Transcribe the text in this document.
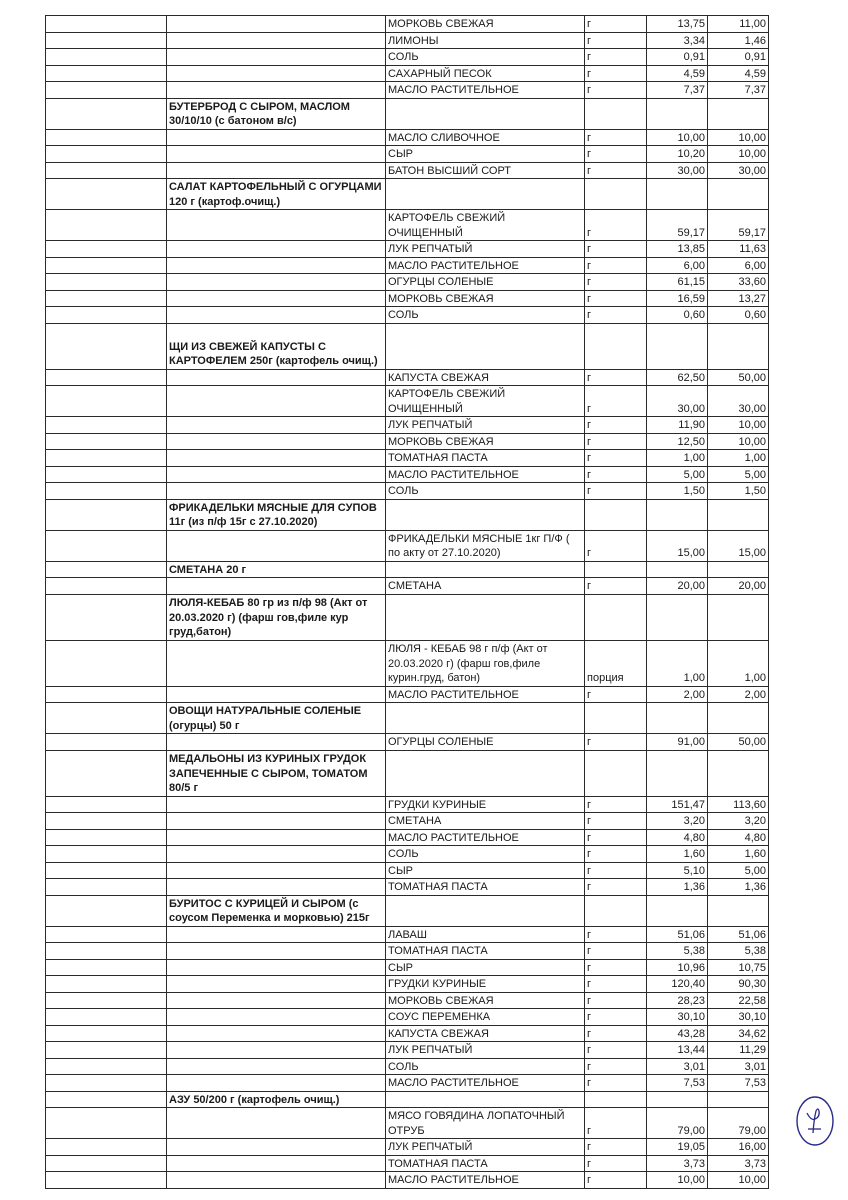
		МОРКОВЬ СВЕЖАЯ	г	13,75	11,00
		ЛИМОНЫ	г	3,34	1,46
		СОЛЬ	г	0,91	0,91
		САХАРНЫЙ ПЕСОК	г	4,59	4,59
		МАСЛО РАСТИТЕЛЬНОЕ	г	7,37	7,37
	БУТЕРБРОД С СЫРОМ, МАСЛОМ 30/10/10 (с батоном в/с)				
		МАСЛО СЛИВОЧНОЕ	г	10,00	10,00
		СЫР	г	10,20	10,00
		БАТОН ВЫСШИЙ СОРТ	г	30,00	30,00
	САЛАТ КАРТОФЕЛЬНЫЙ С ОГУРЦАМИ 120 г (картоф.очищ.)				
		КАРТОФЕЛЬ СВЕЖИЙ ОЧИЩЕННЫЙ	г	59,17	59,17
		ЛУК РЕПЧАТЫЙ	г	13,85	11,63
		МАСЛО РАСТИТЕЛЬНОЕ	г	6,00	6,00
		ОГУРЦЫ СОЛЕНЫЕ	г	61,15	33,60
		МОРКОВЬ СВЕЖАЯ	г	16,59	13,27
		СОЛЬ	г	0,60	0,60
	ЩИ ИЗ СВЕЖЕЙ КАПУСТЫ С КАРТОФЕЛЕМ 250г (картофель очищ.)				
		КАПУСТА СВЕЖАЯ	г	62,50	50,00
		КАРТОФЕЛЬ СВЕЖИЙ ОЧИЩЕННЫЙ	г	30,00	30,00
		ЛУК РЕПЧАТЫЙ	г	11,90	10,00
		МОРКОВЬ СВЕЖАЯ	г	12,50	10,00
		ТОМАТНАЯ ПАСТА	г	1,00	1,00
		МАСЛО РАСТИТЕЛЬНОЕ	г	5,00	5,00
		СОЛЬ	г	1,50	1,50
	ФРИКАДЕЛЬКИ МЯСНЫЕ ДЛЯ СУПОВ 11г (из п/ф 15г с 27.10.2020)				
		ФРИКАДЕЛЬКИ МЯСНЫЕ 1кг П/Ф ( по акту от 27.10.2020)	г	15,00	15,00
	СМЕТАНА 20 г				
		СМЕТАНА	г	20,00	20,00
	ЛЮЛЯ-КЕБАБ 80 гр из п/ф 98 (Акт от 20.03.2020 г) (фарш гов,филе кур груд,батон)				
		ЛЮЛЯ - КЕБАБ 98 г п/ф (Акт от 20.03.2020 г) (фарш гов,филе курин.груд, батон)	порция	1,00	1,00
		МАСЛО РАСТИТЕЛЬНОЕ	г	2,00	2,00
	ОВОЩИ НАТУРАЛЬНЫЕ СОЛЕНЫЕ (огурцы) 50 г				
		ОГУРЦЫ СОЛЕНЫЕ	г	91,00	50,00
	МЕДАЛЬОНЫ ИЗ КУРИНЫХ ГРУДОК ЗАПЕЧЕННЫЕ С СЫРОМ, ТОМАТОМ 80/5 г				
		ГРУДКИ КУРИНЫЕ	г	151,47	113,60
		СМЕТАНА	г	3,20	3,20
		МАСЛО РАСТИТЕЛЬНОЕ	г	4,80	4,80
		СОЛЬ	г	1,60	1,60
		СЫР	г	5,10	5,00
		ТОМАТНАЯ ПАСТА	г	1,36	1,36
	БУРИТОС С КУРИЦЕЙ И СЫРОМ (с соусом Переменка и морковью) 215г				
		ЛАВАШ	г	51,06	51,06
		ТОМАТНАЯ ПАСТА	г	5,38	5,38
		СЫР	г	10,96	10,75
		ГРУДКИ КУРИНЫЕ	г	120,40	90,30
		МОРКОВЬ СВЕЖАЯ	г	28,23	22,58
		СОУС ПЕРЕМЕНКА	г	30,10	30,10
		КАПУСТА СВЕЖАЯ	г	43,28	34,62
		ЛУК РЕПЧАТЫЙ	г	13,44	11,29
		СОЛЬ	г	3,01	3,01
		МАСЛО РАСТИТЕЛЬНОЕ	г	7,53	7,53
	АЗУ 50/200 г (картофель очищ.)				
		МЯСО ГОВЯДИНА ЛОПАТОЧНЫЙ ОТРУБ	г	79,00	79,00
		ЛУК РЕПЧАТЫЙ	г	19,05	16,00
		ТОМАТНАЯ ПАСТА	г	3,73	3,73
		МАСЛО РАСТИТЕЛЬНОЕ	г	10,00	10,00
7
